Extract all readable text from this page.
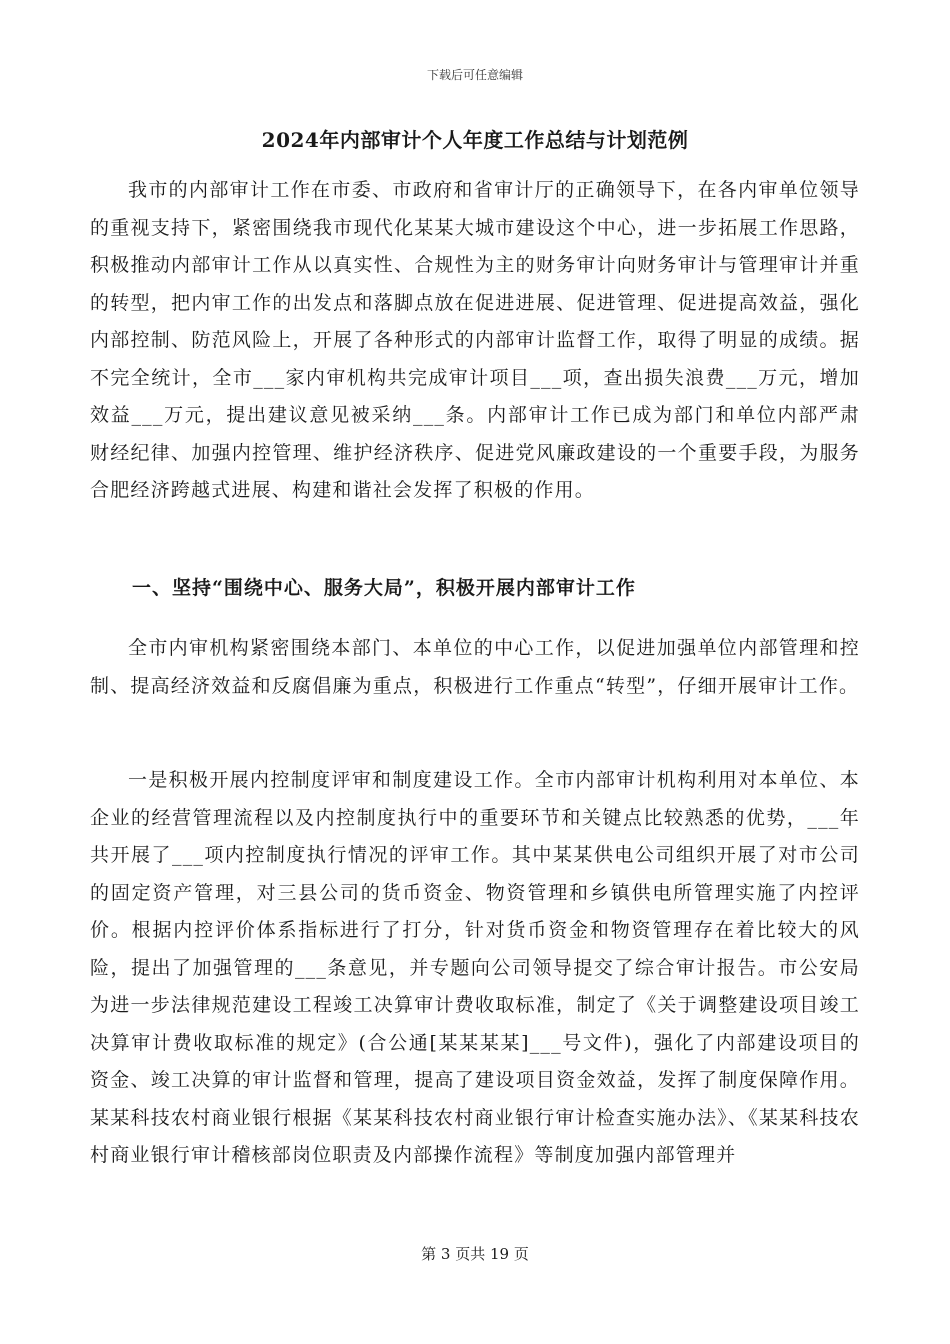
下载后可任意编辑
2024年内部审计个人年度工作总结与计划范例

我市的内部审计工作在市委、市政府和省审计厅的正确领导下，在各内审单位领导的重视支持下，紧密围绕我市现代化某某大城市建设这个中心，进一步拓展工作思路，积极推动内部审计工作从以真实性、合规性为主的财务审计向财务审计与管理审计并重的转型，把内审工作的出发点和落脚点放在促进进展、促进管理、促进提高效益，强化内部控制、防范风险上，开展了各种形式的内部审计监督工作，取得了明显的成绩。据不完全统计，全市___家内审机构共完成审计项目___项，查出损失浪费___万元，增加效益___万元，提出建议意见被采纳___条。内部审计工作已成为部门和单位内部严肃财经纪律、加强内控管理、维护经济秩序、促进党风廉政建设的一个重要手段，为服务合肥经济跨越式进展、构建和谐社会发挥了积极的作用。

一、坚持“围绕中心、服务大局”，积极开展内部审计工作

全市内审机构紧密围绕本部门、本单位的中心工作，以促进加强单位内部管理和控制、提高经济效益和反腐倡廉为重点，积极进行工作重点“转型”，仔细开展审计工作。

一是积极开展内控制度评审和制度建设工作。全市内部审计机构利用对本单位、本企业的经营管理流程以及内控制度执行中的重要环节和关键点比较熟悉的优势，___年共开展了___项内控制度执行情况的评审工作。其中某某供电公司组织开展了对市公司的固定资产管理，对三县公司的货币资金、物资管理和乡镇供电所管理实施了内控评价。根据内控评价体系指标进行了打分，针对货币资金和物资管理存在着比较大的风险，提出了加强管理的___条意见，并专题向公司领导提交了综合审计报告。市公安局为进一步法律规范建设工程竣工决算审计费收取标准，制定了《关于调整建设项目竣工决算审计费收取标准的规定》(合公通[某某某某]___号文件)，强化了内部建设项目的资金、竣工决算的审计监督和管理，提高了建设项目资金效益，发挥了制度保障作用。某某科技农村商业银行根据《某某科技农村商业银行审计检查实施办法》、《某某科技农村商业银行审计稽核部岗位职责及内部操作流程》等制度加强内部管理并

第 3 页共 19 页
